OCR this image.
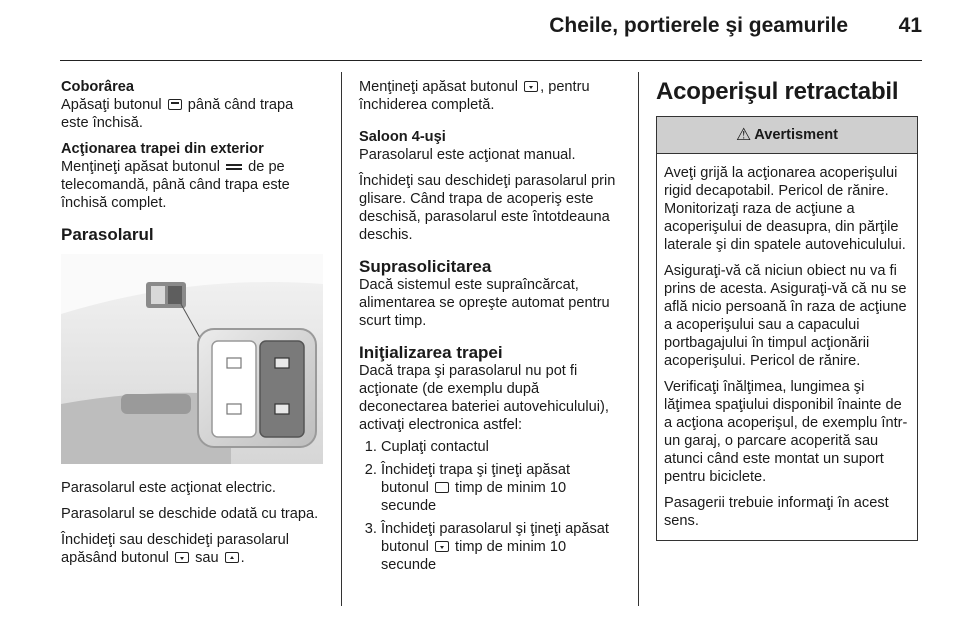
Cheile, portierele şi geamurile 41

Coborârea
Apăsaţi butonul până când trapa este închisă.

Acţionarea trapei din exterior
Menţineţi apăsat butonul de pe telecomandă, până când trapa este închisă complet.

Parasolarul

Parasolarul este acţionat electric.

Parasolarul se deschide odată cu trapa.

Închideţi sau deschideţi parasolarul apăsând butonul sau .

Menţineţi apăsat butonul , pentru închiderea completă.

Saloon 4-uşi
Parasolarul este acţionat manual.

Închideţi sau deschideţi parasolarul prin glisare. Când trapa de acoperiş este deschisă, parasolarul este întotdeauna deschis.

Suprasolicitarea

Dacă sistemul este supraîncărcat, alimentarea se opreşte automat pentru scurt timp.

Iniţializarea trapei

Dacă trapa şi parasolarul nu pot fi acţionate (de exemplu după deconectarea bateriei autovehiculului), activaţi electronica astfel:

1. Cuplaţi contactul
2. Închideţi trapa şi ţineţi apăsat butonul timp de minim 10 secunde
3. Închideţi parasolarul şi ţineţi apăsat butonul timp de minim 10 secunde
Acoperişul retractabil
⚠ Avertisment

Aveţi grijă la acţionarea acoperişului rigid decapotabil. Pericol de rănire. Monitorizaţi raza de acţiune a acoperişului de deasupra, din părţile laterale şi din spatele autovehiculului.

Asiguraţi-vă că niciun obiect nu va fi prins de acesta. Asiguraţi-vă că nu se află nicio persoană în raza de acţiune a acoperişului sau a capacului portbagajului în timpul acţionării acoperişului. Pericol de rănire.

Verificaţi înălţimea, lungimea şi lăţimea spaţiului disponibil înainte de a acţiona acoperişul, de exemplu într-un garaj, o parcare acoperită sau atunci când este montat un suport pentru biciclete.

Pasagerii trebuie informaţi în acest sens.
